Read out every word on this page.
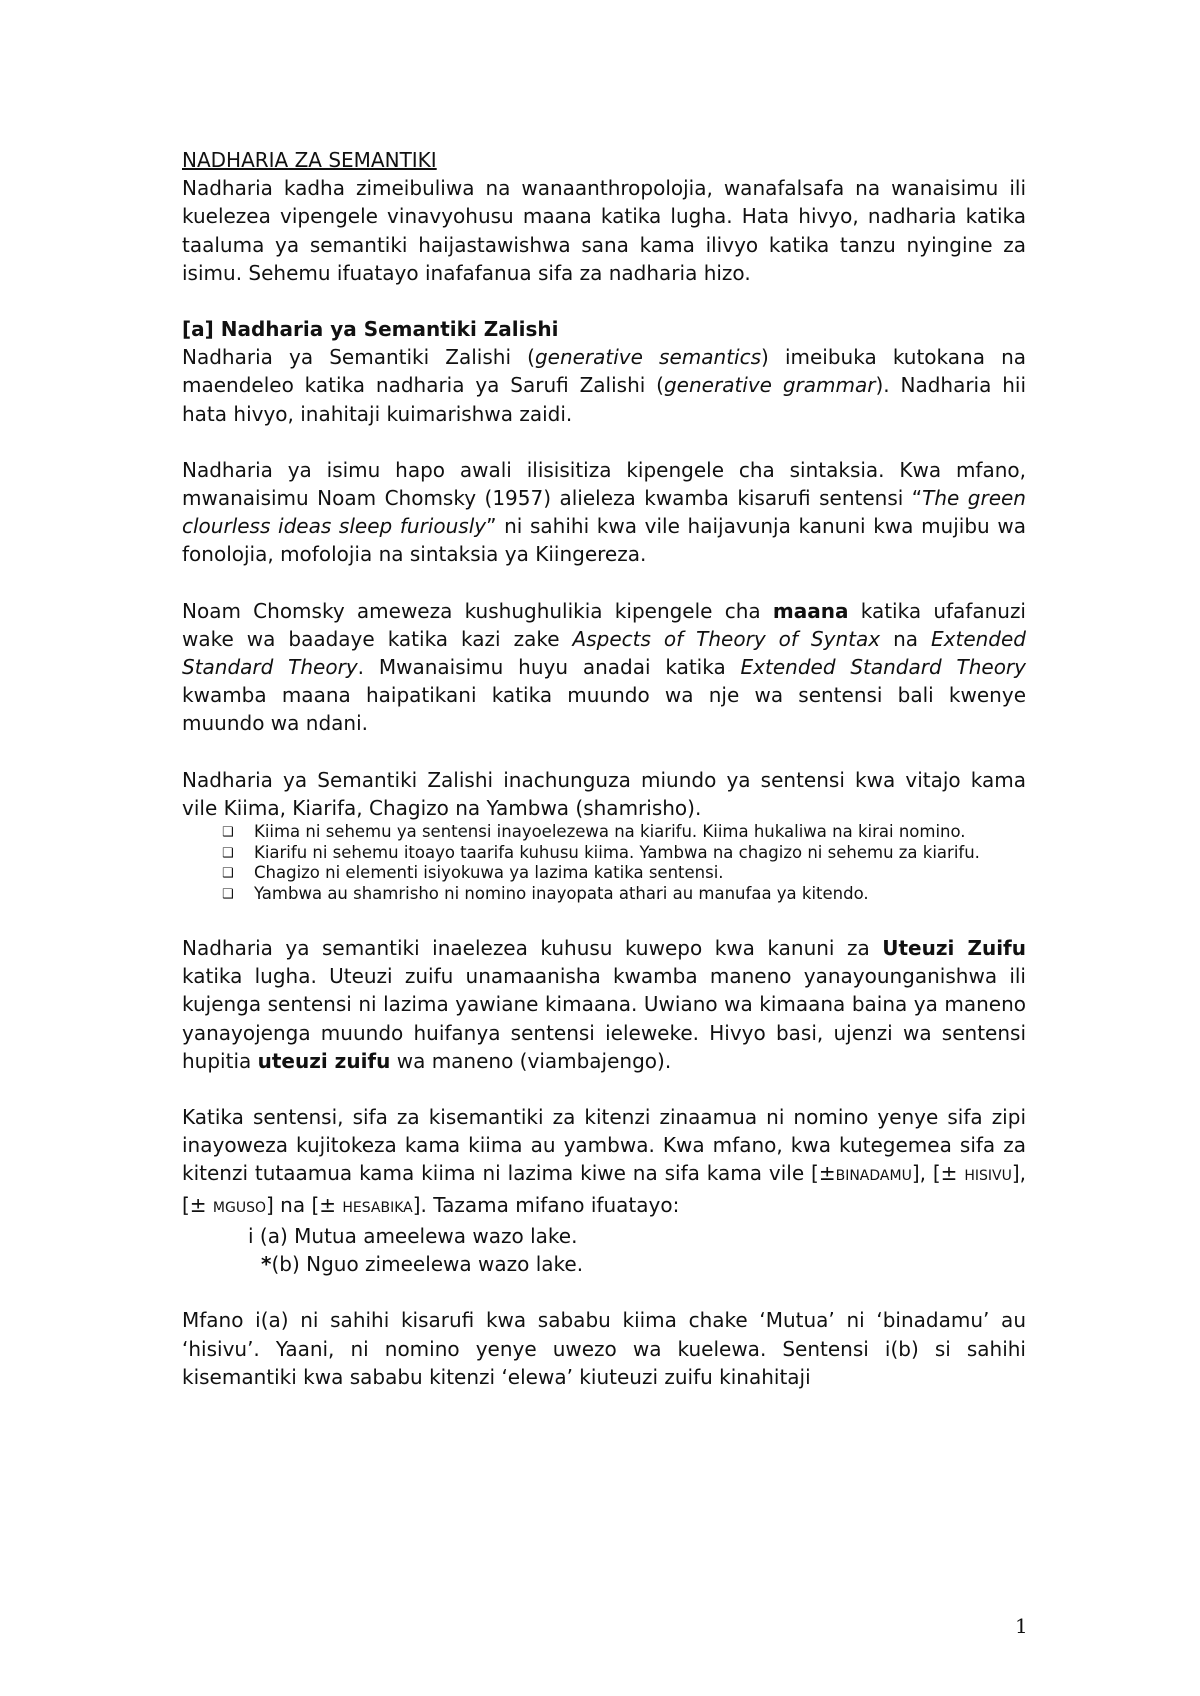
NADHARIA ZA SEMANTIKI

Nadharia kadha zimeibuliwa na wanaanthropolojia, wanafalsafa na wanaisimu ili kuelezea vipengele vinavyohusu maana katika lugha. Hata hivyo, nadharia katika taaluma ya semantiki haijastawishwa sana kama ilivyo katika tanzu nyingine za isimu. Sehemu ifuatayo inafafanua sifa za nadharia hizo.

[a] Nadharia ya Semantiki Zalishi

Nadharia ya Semantiki Zalishi (generative semantics) imeibuka kutokana na maendeleo katika nadharia ya Sarufi Zalishi (generative grammar). Nadharia hii hata hivyo, inahitaji kuimarishwa zaidi.

Nadharia ya isimu hapo awali ilisisitiza kipengele cha sintaksia. Kwa mfano, mwanaisimu Noam Chomsky (1957) alieleza kwamba kisarufi sentensi “The green clourless ideas sleep furiously” ni sahihi kwa vile haijavunja kanuni kwa mujibu wa fonolojia, mofolojia na sintaksia ya Kiingereza.

Noam Chomsky ameweza kushughulikia kipengele cha maana katika ufafanuzi wake wa baadaye katika kazi zake Aspects of Theory of Syntax na Extended Standard Theory. Mwanaisimu huyu anadai katika Extended Standard Theory kwamba maana haipatikani katika muundo wa nje wa sentensi bali kwenye muundo wa ndani.

Nadharia ya Semantiki Zalishi inachunguza miundo ya sentensi kwa vitajo kama vile Kiima, Kiarifa, Chagizo na Yambwa (shamrisho).

❑ Kiima ni sehemu ya sentensi inayoelezewa na kiarifu. Kiima hukaliwa na kirai nomino.
❑ Kiarifu ni sehemu itoayo taarifa kuhusu kiima. Yambwa na chagizo ni sehemu za kiarifu.
❑ Chagizo ni elementi isiyokuwa ya lazima katika sentensi.
❑ Yambwa au shamrisho ni nomino inayopata athari au manufaa ya kitendo.

Nadharia ya semantiki inaelezea kuhusu kuwepo kwa kanuni za Uteuzi Zuifu katika lugha. Uteuzi zuifu unamaanisha kwamba maneno yanayounganishwa ili kujenga sentensi ni lazima yawiane kimaana. Uwiano wa kimaana baina ya maneno yanayojenga muundo huifanya sentensi ieleweke. Hivyo basi, ujenzi wa sentensi hupitia uteuzi zuifu wa maneno (viambajengo).

Katika sentensi, sifa za kisemantiki za kitenzi zinaamua ni nomino yenye sifa zipi inayoweza kujitokeza kama kiima au yambwa. Kwa mfano, kwa kutegemea sifa za kitenzi tutaamua kama kiima ni lazima kiwe na sifa kama vile [±BINADAMU], [± HISIVU], [± MGUSO] na [± HESABIKA]. Tazama mifano ifuatayo:

i (a) Mutua ameelewa wazo lake.

*(b) Nguo zimeelewa wazo lake.

Mfano i(a) ni sahihi kisarufi kwa sababu kiima chake ‘Mutua’ ni ‘binadamu’ au ‘hisivu’. Yaani, ni nomino yenye uwezo wa kuelewa. Sentensi i(b) si sahihi kisemantiki kwa sababu kitenzi ‘elewa’ kiuteuzi zuifu kinahitaji

1
